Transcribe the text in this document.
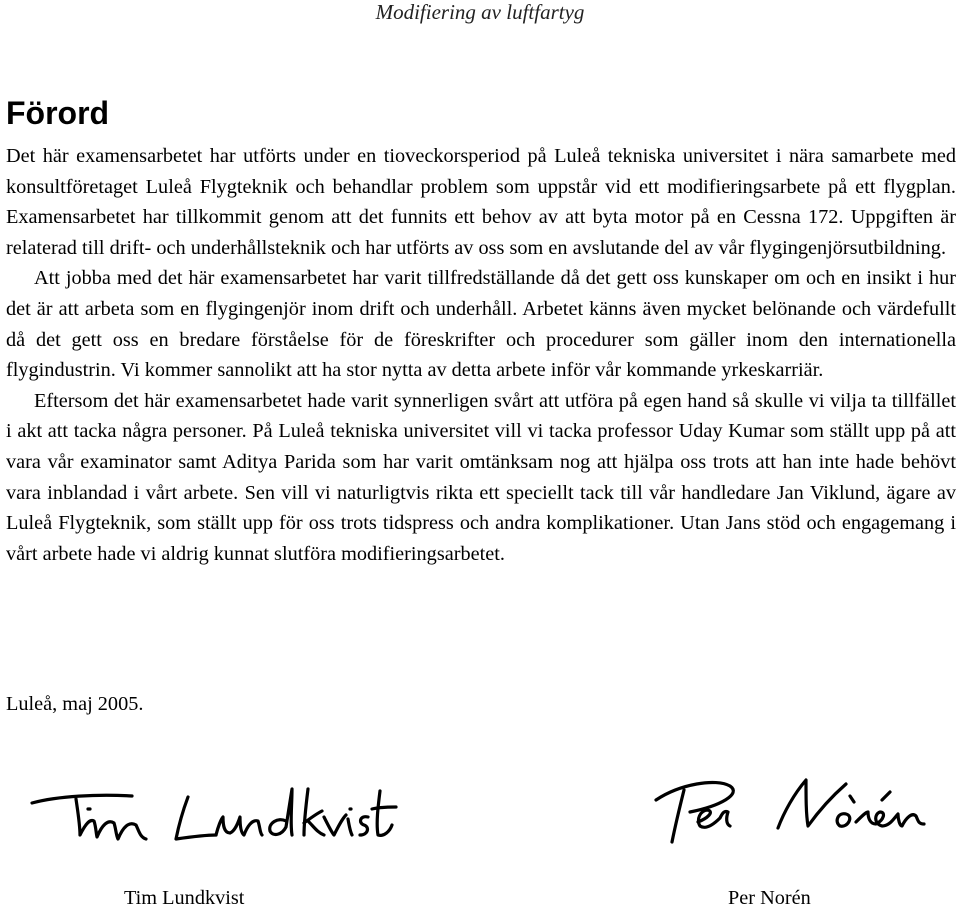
Modifiering av luftfartyg
Förord

Det här examensarbetet har utförts under en tioveckorsperiod på Luleå tekniska universitet i nära samarbete med konsultföretaget Luleå Flygteknik och behandlar problem som uppstår vid ett modifieringsarbete på ett flygplan. Examensarbetet har tillkommit genom att det funnits ett behov av att byta motor på en Cessna 172. Uppgiften är relaterad till drift- och underhållsteknik och har utförts av oss som en avslutande del av vår flygingenjörsutbildning.

Att jobba med det här examensarbetet har varit tillfredställande då det gett oss kunskaper om och en insikt i hur det är att arbeta som en flygingenjör inom drift och underhåll. Arbetet känns även mycket belönande och värdefullt då det gett oss en bredare förståelse för de föreskrifter och procedurer som gäller inom den internationella flygindustrin. Vi kommer sannolikt att ha stor nytta av detta arbete inför vår kommande yrkeskarriär.

Eftersom det här examensarbetet hade varit synnerligen svårt att utföra på egen hand så skulle vi vilja ta tillfället i akt att tacka några personer. På Luleå tekniska universitet vill vi tacka professor Uday Kumar som ställt upp på att vara vår examinator samt Aditya Parida som har varit omtänksam nog att hjälpa oss trots att han inte hade behövt vara inblandad i vårt arbete. Sen vill vi naturligtvis rikta ett speciellt tack till vår handledare Jan Viklund, ägare av Luleå Flygteknik, som ställt upp för oss trots tidspress och andra komplikationer. Utan Jans stöd och engagemang i vårt arbete hade vi aldrig kunnat slutföra modifieringsarbetet.

Luleå, maj 2005.
Tim Lundkvist	Per Norén
